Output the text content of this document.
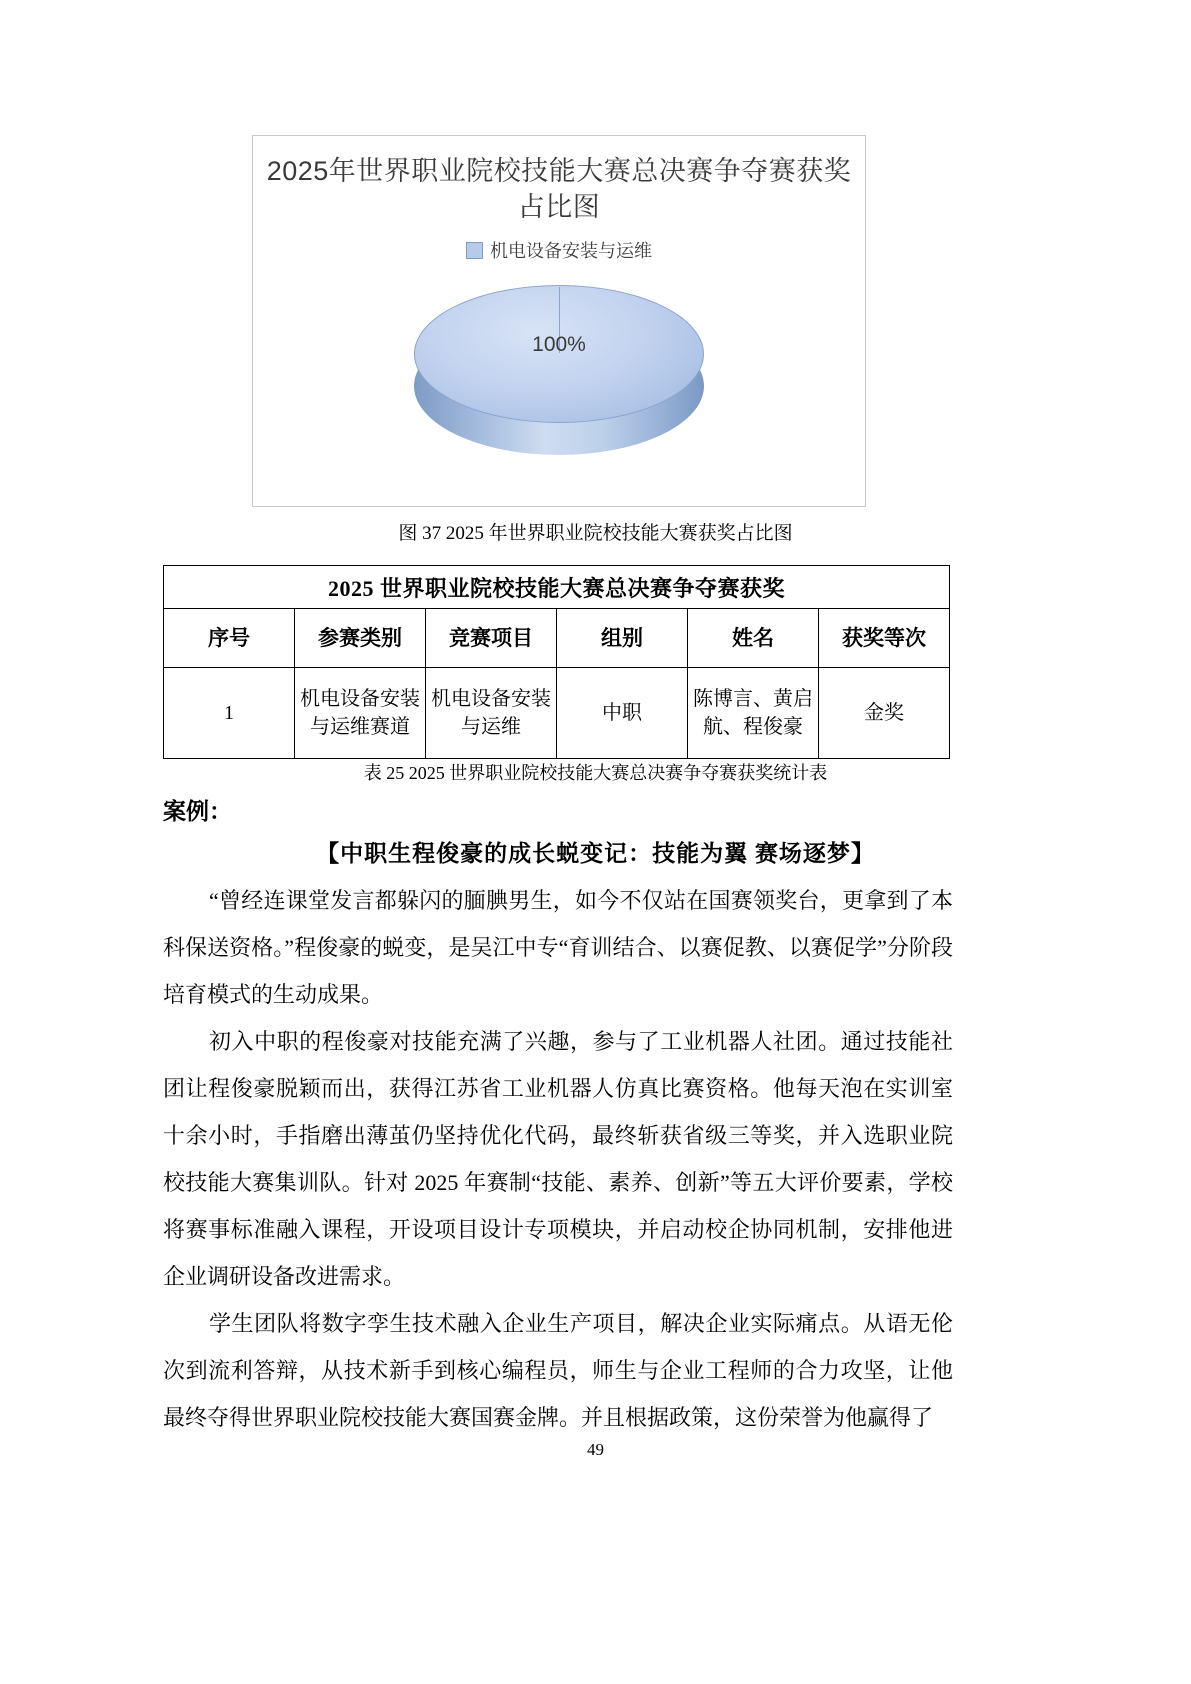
2025年世界职业院校技能大赛总决赛争夺赛获奖占比图
机电设备安装与运维
100%
图 37 2025 年世界职业院校技能大赛获奖占比图
2025 世界职业院校技能大赛总决赛争夺赛获奖					
序号	参赛类别	竞赛项目	组别	姓名	获奖等次
1	机电设备安装与运维赛道	机电设备安装与运维	中职	陈博言、黄启航、程俊豪	金奖
表 25 2025 世界职业院校技能大赛总决赛争夺赛获奖统计表
案例：
【中职生程俊豪的成长蜕变记：技能为翼 赛场逐梦】
“曾经连课堂发言都躲闪的腼腆男生，如今不仅站在国赛领奖台，更拿到了本科保送资格。”程俊豪的蜕变，是吴江中专“育训结合、以赛促教、以赛促学”分阶段培育模式的生动成果。
初入中职的程俊豪对技能充满了兴趣，参与了工业机器人社团。通过技能社团让程俊豪脱颖而出，获得江苏省工业机器人仿真比赛资格。他每天泡在实训室十余小时，手指磨出薄茧仍坚持优化代码，最终斩获省级三等奖，并入选职业院校技能大赛集训队。针对 2025 年赛制“技能、素养、创新”等五大评价要素，学校将赛事标准融入课程，开设项目设计专项模块，并启动校企协同机制，安排他进企业调研设备改进需求。
学生团队将数字孪生技术融入企业生产项目，解决企业实际痛点。从语无伦次到流利答辩，从技术新手到核心编程员，师生与企业工程师的合力攻坚，让他最终夺得世界职业院校技能大赛国赛金牌。并且根据政策，这份荣誉为他赢得了
49
